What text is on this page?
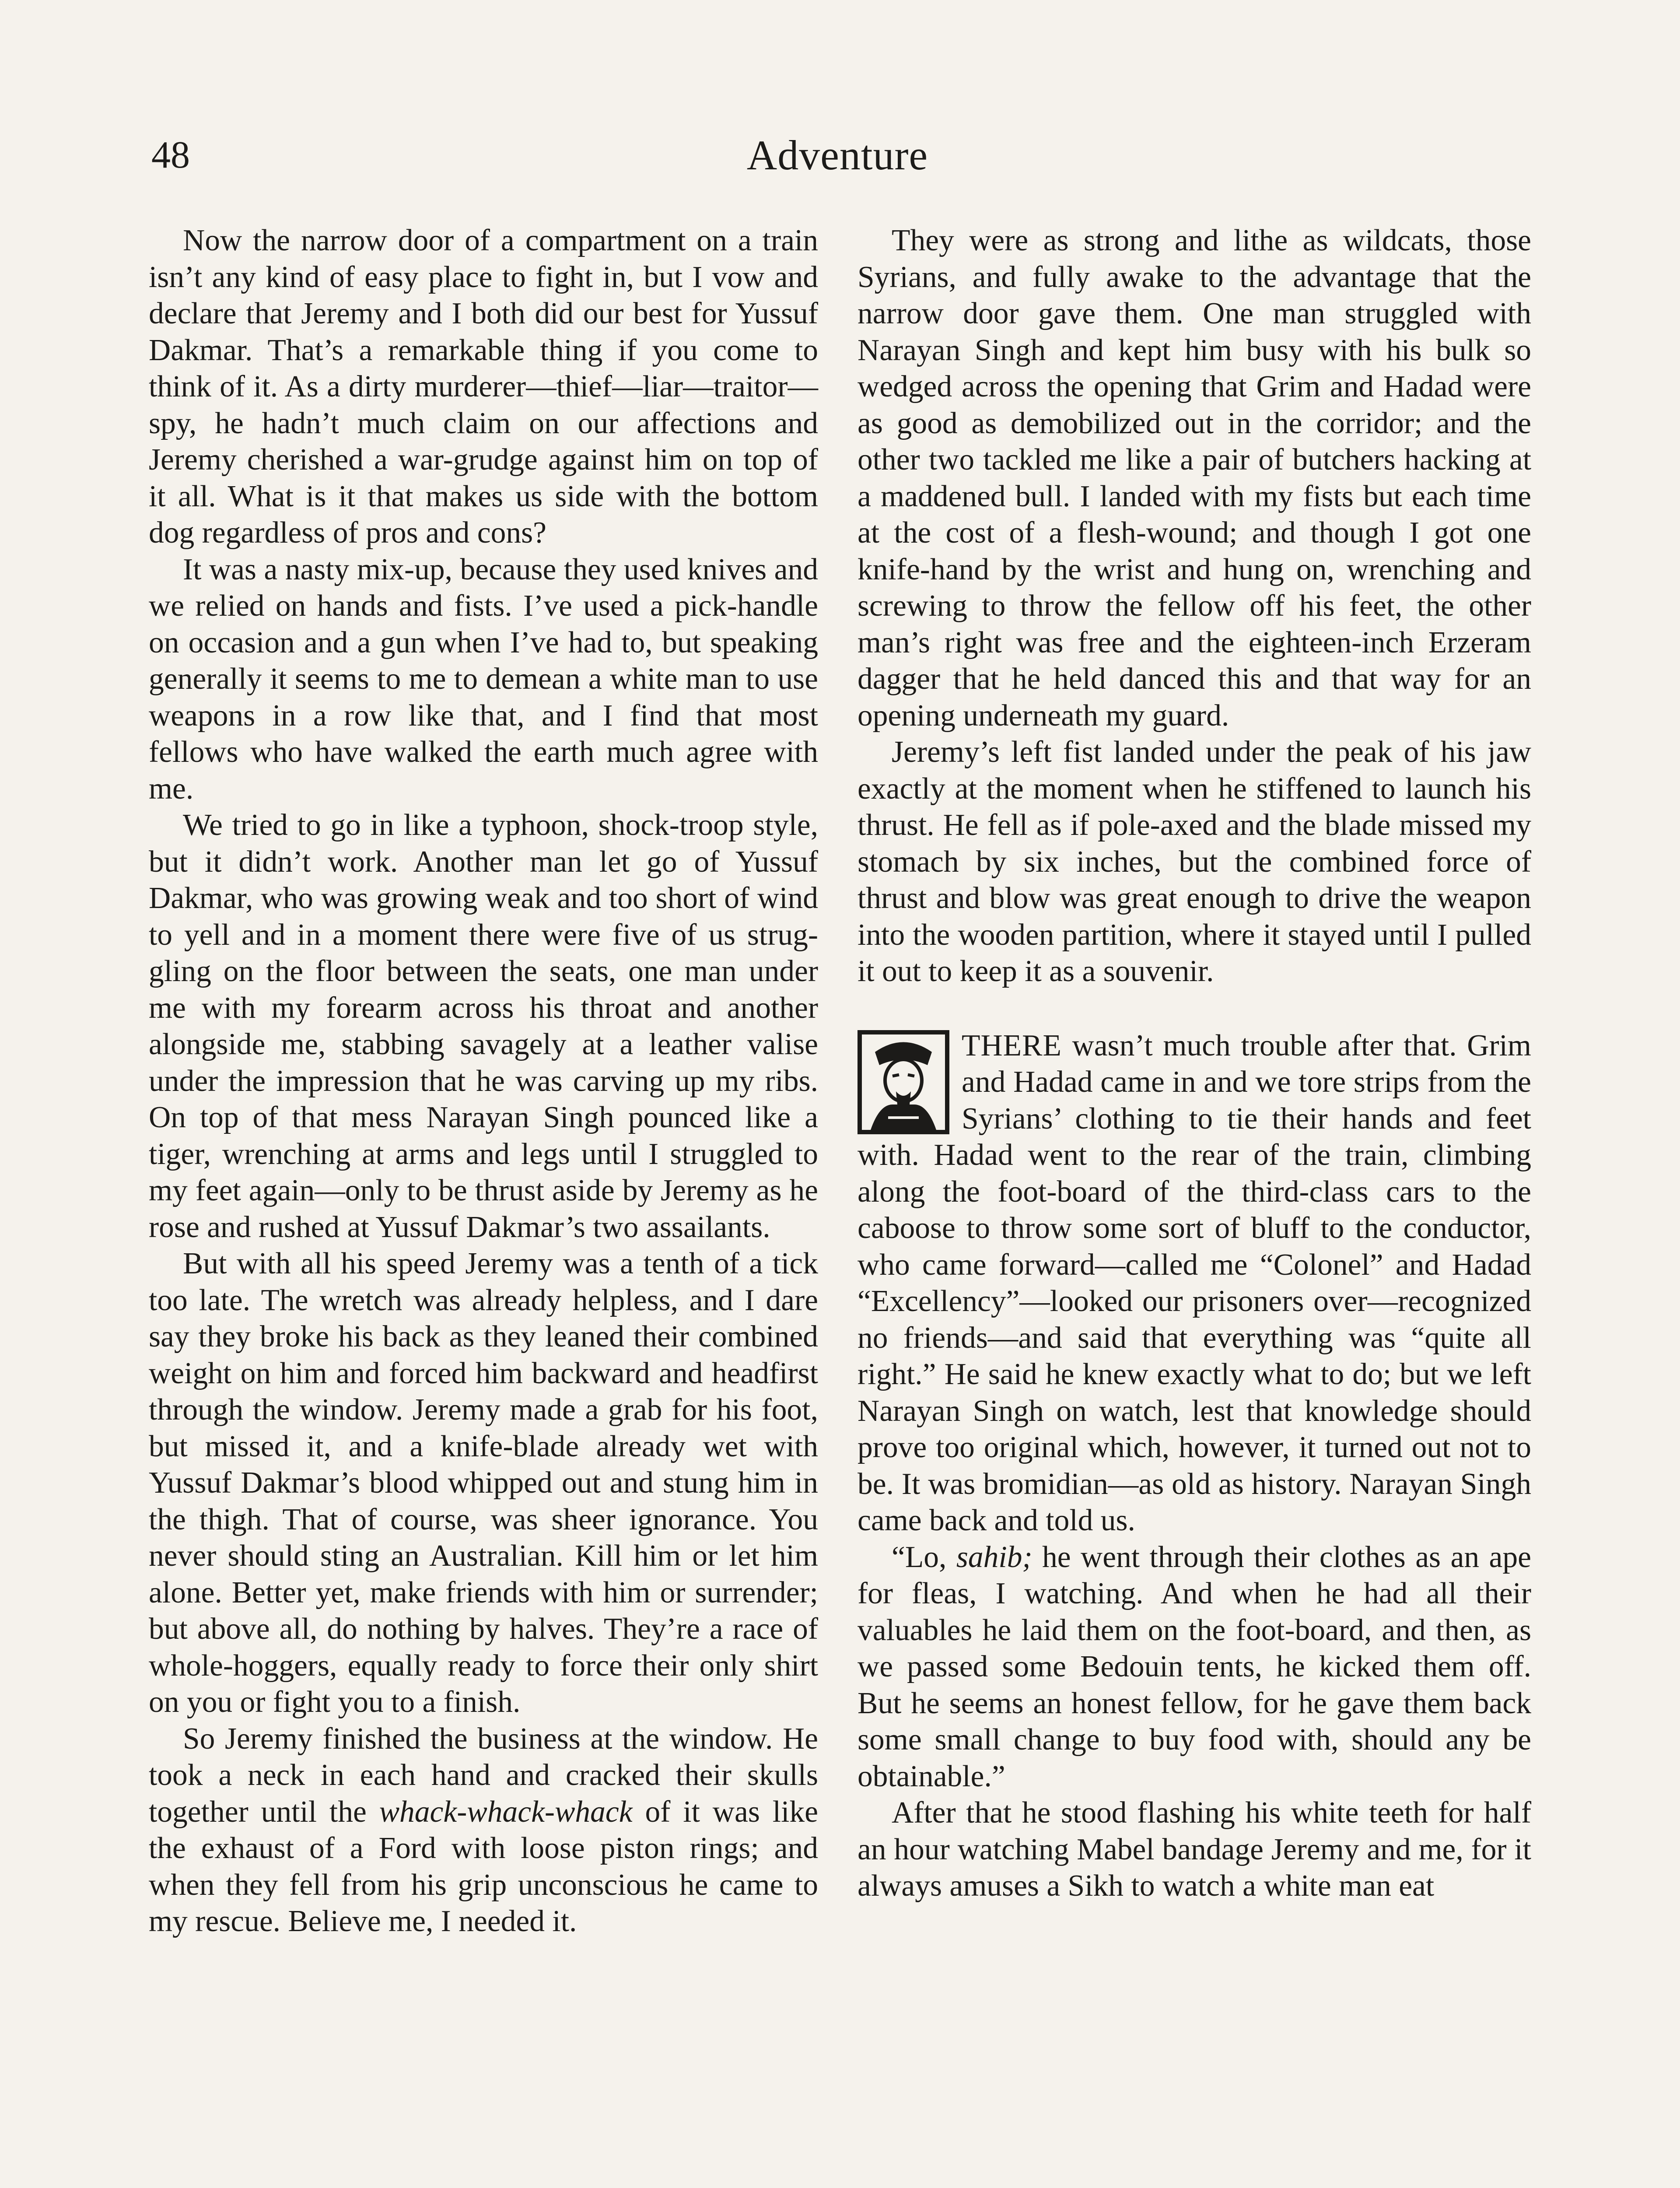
48	Adventure

Now the narrow door of a compartment on a train isn’t any kind of easy place to fight in, but I vow and declare that Jeremy and I both did our best for Yussuf Dakmar. That’s a remarkable thing if you come to think of it. As a dirty murderer—thief—liar—traitor—spy, he hadn’t much claim on our affections and Jeremy cherished a war-grudge against him on top of it all. What is it that makes us side with the bottom dog regardless of pros and cons?

It was a nasty mix-up, because they used knives and we relied on hands and fists. I’ve used a pick-handle on occasion and a gun when I’ve had to, but speaking generally it seems to me to demean a white man to use weapons in a row like that, and I find that most fellows who have walked the earth much agree with me.

We tried to go in like a typhoon, shock-troop style, but it didn’t work. Another man let go of Yussuf Dakmar, who was growing weak and too short of wind to yell and in a moment there were five of us struggling on the floor between the seats, one man under me with my forearm across his throat and another alongside me, stabbing savagely at a leather valise under the impression that he was carving up my ribs. On top of that mess Narayan Singh pounced like a tiger, wrenching at arms and legs until I struggled to my feet again—only to be thrust aside by Jeremy as he rose and rushed at Yussuf Dakmar’s two assailants.

But with all his speed Jeremy was a tenth of a tick too late. The wretch was already helpless, and I dare say they broke his back as they leaned their combined weight on him and forced him backward and headfirst through the window. Jeremy made a grab for his foot, but missed it, and a knife-blade already wet with Yussuf Dakmar’s blood whipped out and stung him in the thigh. That of course, was sheer ignorance. You never should sting an Australian. Kill him or let him alone. Better yet, make friends with him or surrender; but above all, do nothing by halves. They’re a race of whole-hoggers, equally ready to force their only shirt on you or fight you to a finish.

So Jeremy finished the business at the window. He took a neck in each hand and cracked their skulls together until the whack-whack-whack of it was like the exhaust of a Ford with loose piston rings; and when they fell from his grip unconscious he came to my rescue. Believe me, I needed it.

They were as strong and lithe as wildcats, those Syrians, and fully awake to the advantage that the narrow door gave them. One man struggled with Narayan Singh and kept him busy with his bulk so wedged across the opening that Grim and Hadad were as good as demobilized out in the corridor; and the other two tackled me like a pair of butchers hacking at a maddened bull. I landed with my fists but each time at the cost of a flesh-wound; and though I got one knife-hand by the wrist and hung on, wrenching and screwing to throw the fellow off his feet, the other man’s right was free and the eighteen-inch Erzeram dagger that he held danced this and that way for an opening underneath my guard.

Jeremy’s left fist landed under the peak of his jaw exactly at the moment when he stiffened to launch his thrust. He fell as if pole-axed and the blade missed my stomach by six inches, but the combined force of thrust and blow was great enough to drive the weapon into the wooden partition, where it stayed until I pulled it out to keep it as a souvenir.

THERE wasn’t much trouble after that. Grim and Hadad came in and we tore strips from the Syrians’ clothing to tie their hands and feet with. Hadad went to the rear of the train, climbing along the foot-board of the third-class cars to the caboose to throw some sort of bluff to the conductor, who came forward—called me “Colonel” and Hadad “Excellency”—looked our prisoners over—recognized no friends—and said that everything was “quite all right.” He said he knew exactly what to do; but we left Narayan Singh on watch, lest that knowledge should prove too original which, however, it turned out not to be. It was bromidian—as old as history. Narayan Singh came back and told us.

“Lo, sahib; he went through their clothes as an ape for fleas, I watching. And when he had all their valuables he laid them on the foot-board, and then, as we passed some Bedouin tents, he kicked them off. But he seems an honest fellow, for he gave them back some small change to buy food with, should any be obtainable.”

After that he stood flashing his white teeth for half an hour watching Mabel bandage Jeremy and me, for it always amuses a Sikh to watch a white man eat
